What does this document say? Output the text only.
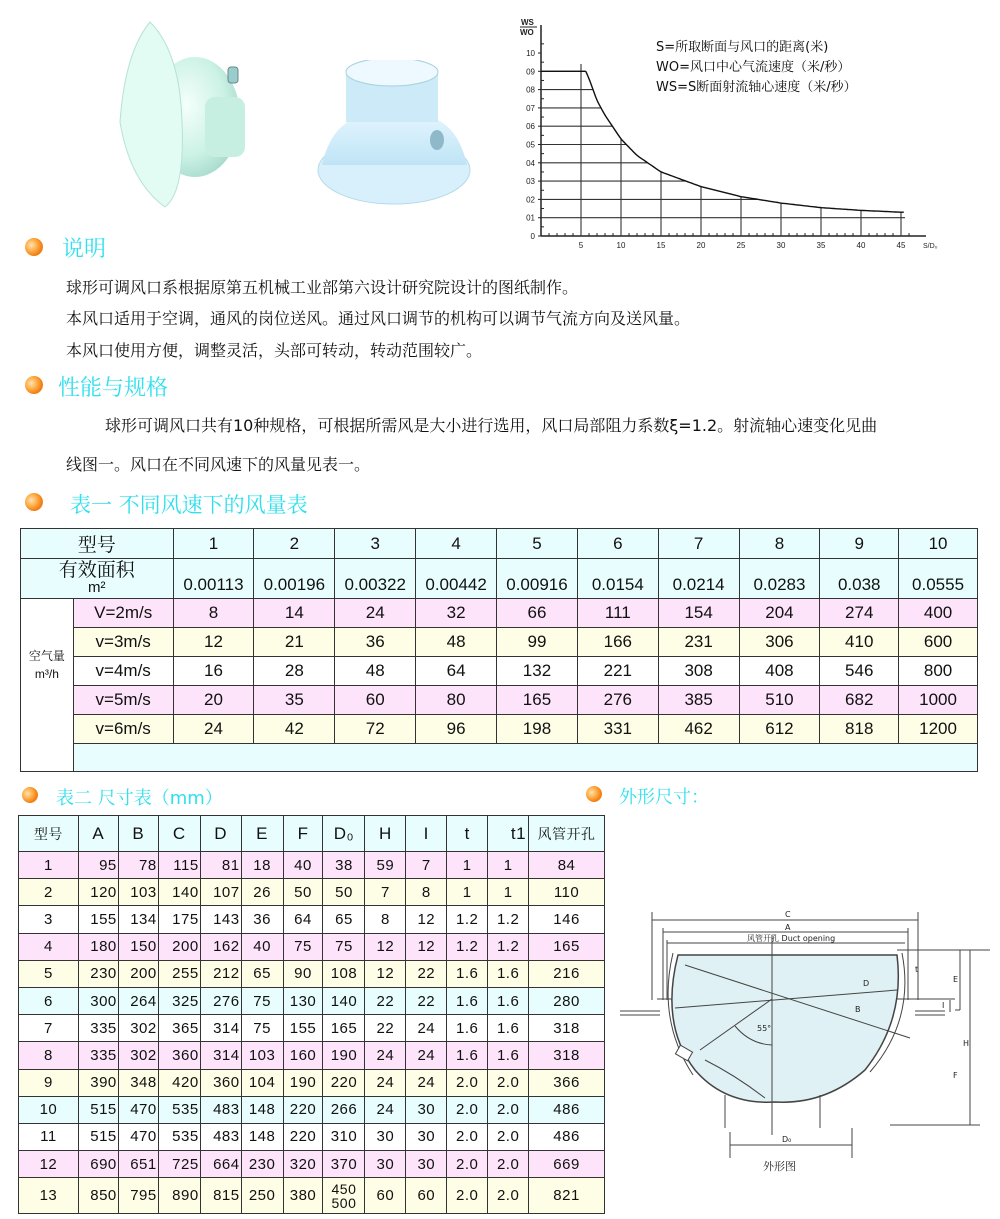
0
01
02
03
04
05
06
07
08
09
10
5	10	15	20	25	30	35	40	45	S/D₀
WS
WO
S=所取断面与风口的距离(米)
WO=风口中心气流速度（米/秒）
WS=S断面射流轴心速度（米/秒）
说明
球形可调风口系根据原第五机械工业部第六设计研究院设计的图纸制作。
本风口适用于空调，通风的岗位送风。通过风口调节的机构可以调节气流方向及送风量。
本风口使用方便，调整灵活，头部可转动，转动范围较广。
性能与规格
球形可调风口共有10种规格，可根据所需风是大小进行选用，风口局部阻力系数ξ=1.2。射流轴心速变化见曲
线图一。风口在不同风速下的风量见表一。
表一 不同风速下的风量表
型号		1	2	3	4	5	6	7	8	9	10

有效面积
m²		0.00113	0.00196	0.00322	0.00442	0.00916	0.0154	0.0214	0.0283	0.038	0.0555

空气量
m³/h	V=2m/s	8	14	24	32	66	111	154	204	274	400
	v=3m/s	12	21	36	48	99	166	231	306	410	600
	v=4m/s	16	28	48	64	132	221	308	408	546	800
	v=5m/s	20	35	60	80	165	276	385	510	682	1000
	v=6m/s	24	42	72	96	198	331	462	612	818	1200

表二 尺寸表（mm）
型号	A	B	C	D	E	F	D₀	H	I	t	t1	风管开孔
1	95	78	115	81	18	40	38	59	7	1	1	84
2	120	103	140	107	26	50	50	7	8	1	1	110
3	155	134	175	143	36	64	65	8	12	1.2	1.2	146
4	180	150	200	162	40	75	75	12	12	1.2	1.2	165
5	230	200	255	212	65	90	108	12	22	1.6	1.6	216
6	300	264	325	276	75	130	140	22	22	1.6	1.6	280
7	335	302	365	314	75	155	165	22	24	1.6	1.6	318
8	335	302	360	314	103	160	190	24	24	1.6	1.6	318
9	390	348	420	360	104	190	220	24	24	2.0	2.0	366
10	515	470	535	483	148	220	266	24	30	2.0	2.0	486
11	515	470	535	483	148	220	310	30	30	2.0	2.0	486
12	690	651	725	664	230	320	370	30	30	2.0	2.0	669
13	850	795	890	815	250	380	450
500	60	60	2.0	2.0	821
外形尺寸：
C
A
风管开孔 Duct opening
D
B
55°
D₀
t
E
I
H
F
外形图
